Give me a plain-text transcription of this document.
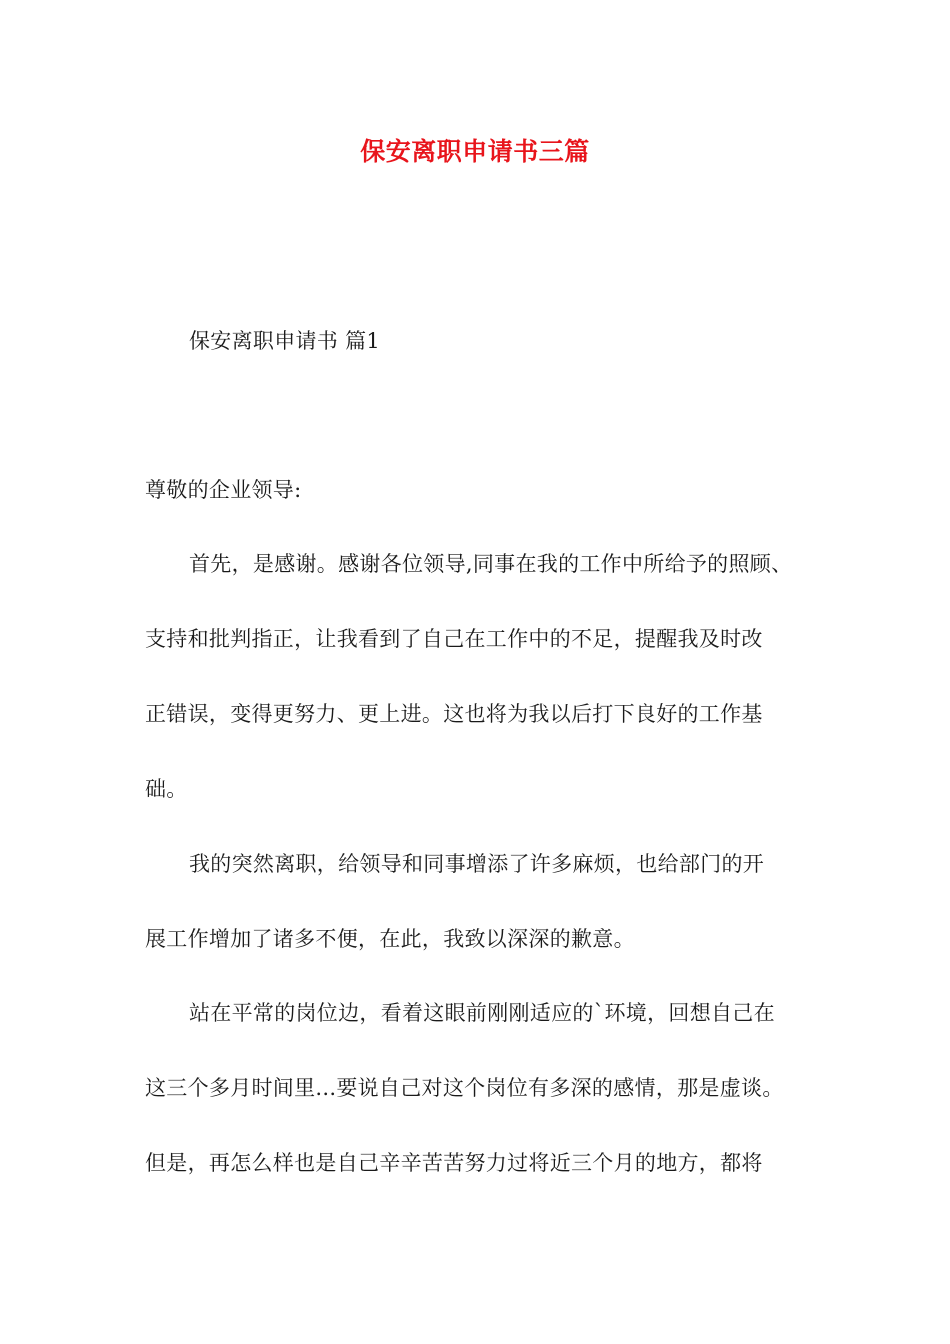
保安离职申请书三篇
保安离职申请书 篇1
尊敬的企业领导:
首先，是感谢。感谢各位领导,同事在我的工作中所给予的照顾、
支持和批判指正，让我看到了自己在工作中的不足，提醒我及时改
正错误，变得更努力、更上进。这也将为我以后打下良好的工作基
础。
我的突然离职，给领导和同事增添了许多麻烦，也给部门的开
展工作增加了诸多不便，在此，我致以深深的歉意。
站在平常的岗位边，看着这眼前刚刚适应的`环境，回想自己在
这三个多月时间里...要说自己对这个岗位有多深的感情，那是虚谈。
但是，再怎么样也是自己辛辛苦苦努力过将近三个月的地方，都将
